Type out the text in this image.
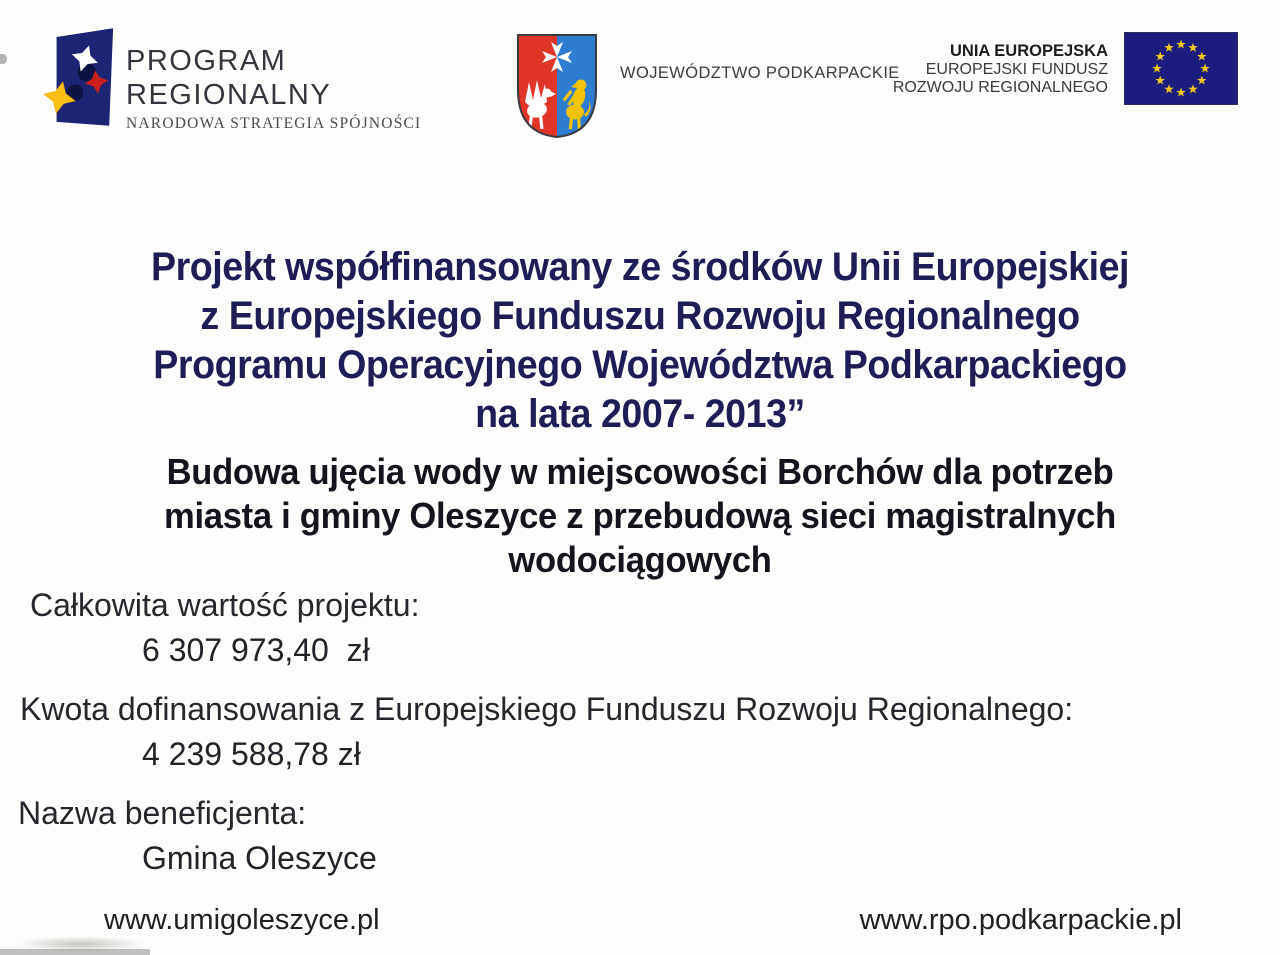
PROGRAM
REGIONALNY
NARODOWA STRATEGIA SPÓJNOŚCI
WOJEWÓDZTWO PODKARPACKIE
UNIA EUROPEJSKA
EUROPEJSKI FUNDUSZ
ROZWOJU REGIONALNEGO
Projekt współfinansowany ze środków Unii Europejskiej
z Europejskiego Funduszu Rozwoju Regionalnego
Programu Operacyjnego Województwa Podkarpackiego
na lata 2007- 2013”
Budowa ujęcia wody w miejscowości Borchów dla potrzeb
miasta i gminy Oleszyce z przebudową sieci magistralnych
wodociągowych
Całkowita wartość projektu:
6 307 973,40  zł
Kwota dofinansowania z Europejskiego Funduszu Rozwoju Regionalnego:
4 239 588,78 zł
Nazwa beneficjenta:
Gmina Oleszyce
www.umigoleszyce.pl	www.rpo.podkarpackie.pl
